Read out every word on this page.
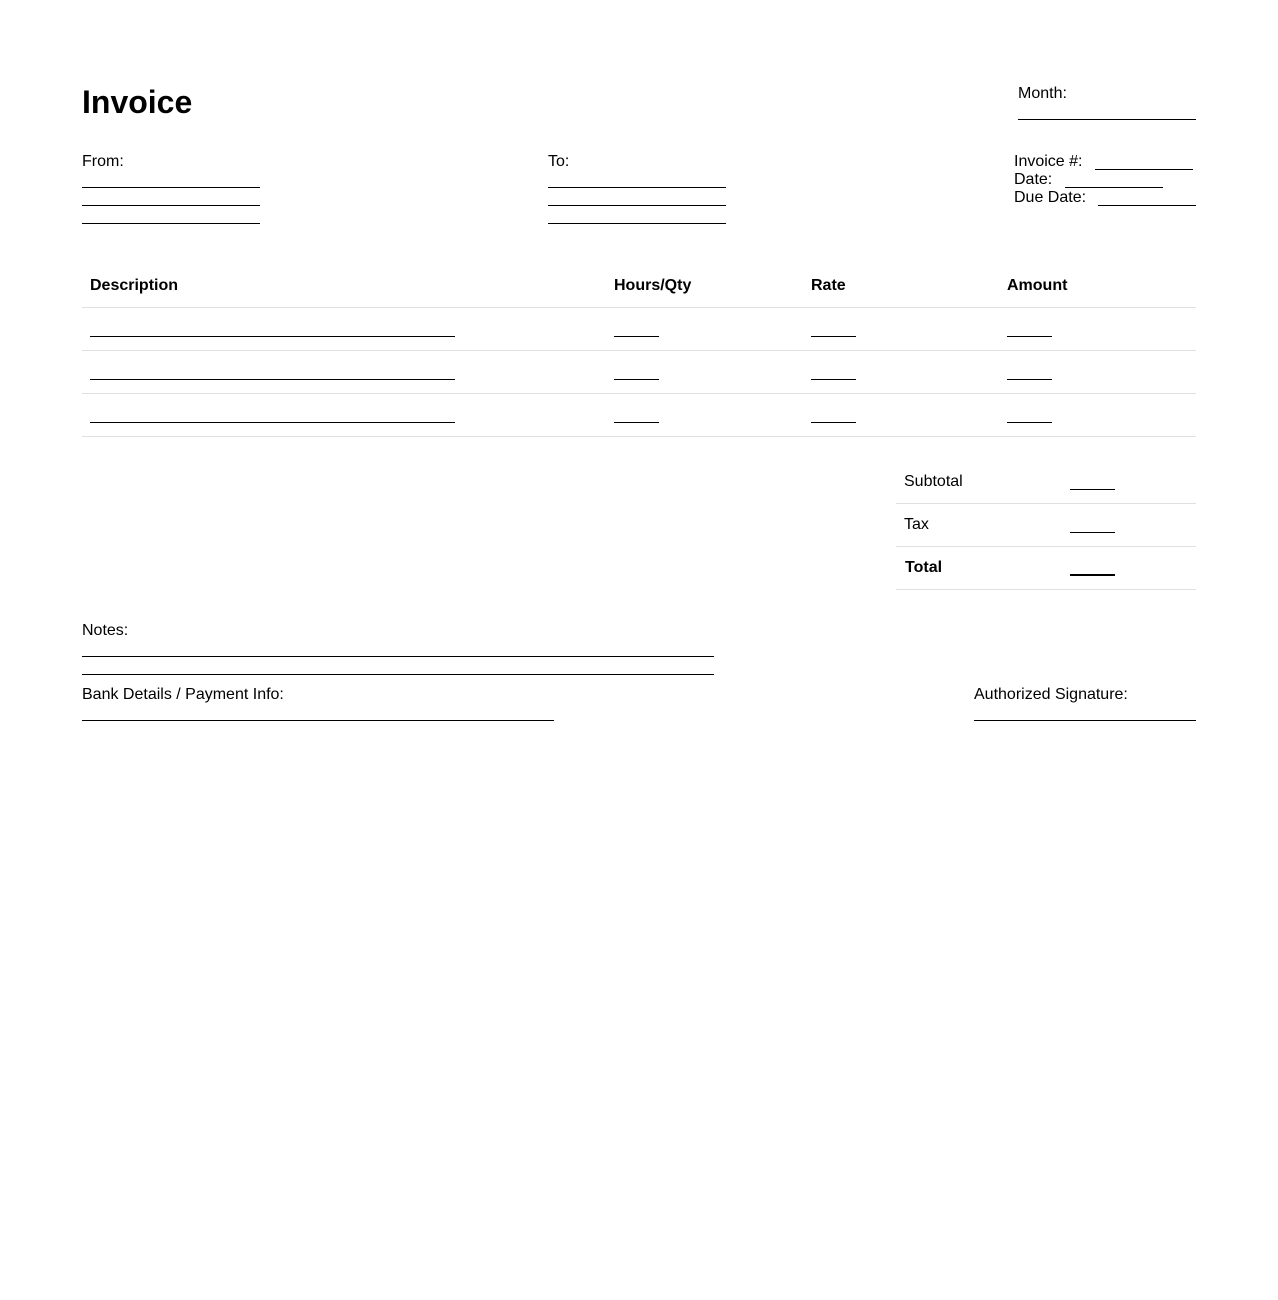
Invoice	Month:
From:	To:	Invoice #:
Date:
Due Date:
Description	Hours/Qty	Rate	Amount
Subtotal
Tax
Total
Notes:
Bank Details / Payment Info:	Authorized Signature:
